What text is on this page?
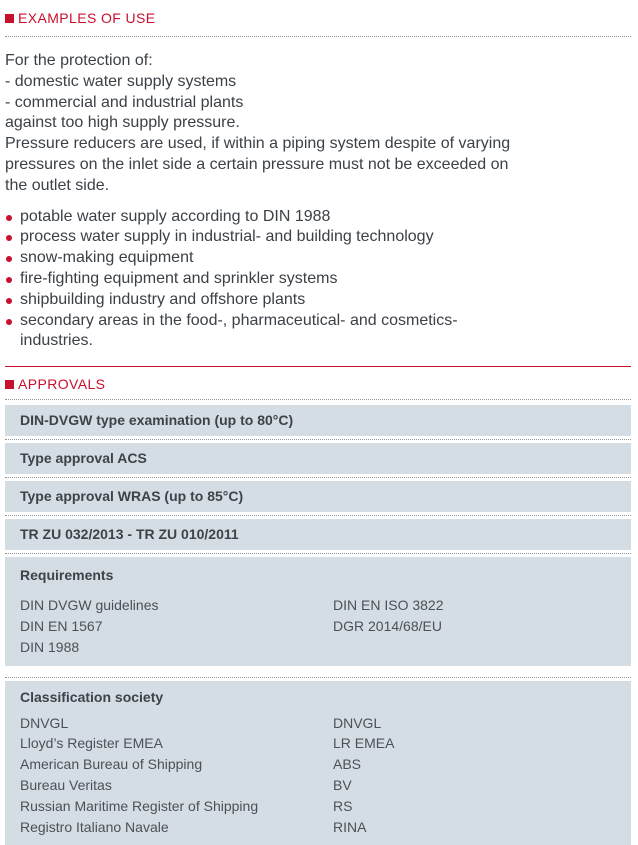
EXAMPLES OF USE
For the protection of:
- domestic water supply systems
- commercial and industrial plants
against too high supply pressure.
Pressure reducers are used, if within a piping system despite of varying
pressures on the inlet side a certain pressure must not be exceeded on
the outlet side.
potable water supply according to DIN 1988
process water supply in industrial- and building technology
snow-making equipment
fire-fighting equipment and sprinkler systems
shipbuilding industry and offshore plants
secondary areas in the food-, pharmaceutical- and cosmetics-
industries.
APPROVALS
DIN-DVGW type examination (up to 80°C)
Type approval ACS
Type approval WRAS (up to 85°C)
TR ZU 032/2013 - TR ZU 010/2011
Requirements
DIN DVGW guidelines
DIN EN 1567
DIN 1988
DIN EN ISO 3822
DGR 2014/68/EU
Classification society
DNVGL
Lloyd’s Register EMEA
American Bureau of Shipping
Bureau Veritas
Russian Maritime Register of Shipping
Registro Italiano Navale
DNVGL
LR EMEA
ABS
BV
RS
RINA
